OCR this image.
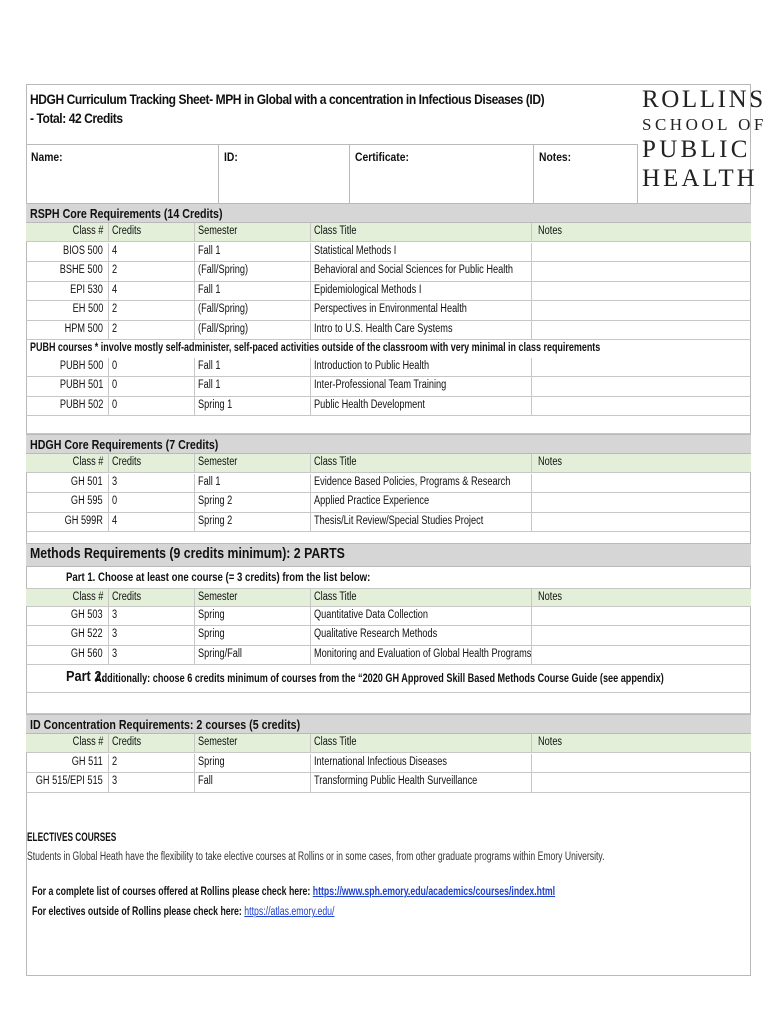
HDGH Curriculum Tracking Sheet- MPH in Global with a concentration in Infectious Diseases (ID)
- Total: 42 Credits
ROLLINS
SCHOOL OF
PUBLIC
HEALTH
Name:	ID:	Certificate:	Notes:
RSPH Core Requirements (14 Credits)
Class # Credits	Semester	Class Title	Notes
BIOS 500 4	Fall 1	Statistical Methods I
BSHE 500 2	(Fall/Spring)	Behavioral and Social Sciences for Public Health
EPI 530 4	Fall 1	Epidemiological Methods I
EH 500 2	(Fall/Spring)	Perspectives in Environmental Health
HPM 500 2	(Fall/Spring)	Intro to U.S. Health Care Systems
PUBH courses * involve mostly self-administer, self-paced activities outside of the classroom with very minimal in class requirements
PUBH 500 0	Fall 1	Introduction to Public Health
PUBH 501 0	Fall 1	Inter-Professional Team Training
PUBH 502 0	Spring 1	Public Health Development
HDGH Core Requirements (7 Credits)
Class # Credits	Semester	Class Title	Notes
GH 501 3	Fall 1	Evidence Based Policies, Programs & Research
GH 595 0	Spring 2	Applied Practice Experience
GH 599R 4	Spring 2	Thesis/Lit Review/Special Studies Project
Methods Requirements (9 credits minimum): 2 PARTS
Part 1. Choose at least one course (= 3 credits) from the list below:
Class # Credits	Semester	Class Title	Notes
GH 503 3	Spring	Quantitative Data Collection
GH 522 3	Spring	Qualitative Research Methods
GH 560 3	Spring/Fall	Monitoring and Evaluation of Global Health Programs
Part 2.
Additionally: choose 6 credits minimum of courses from the “2020 GH Approved Skill Based Methods Course Guide (see appendix)
ID Concentration Requirements: 2 courses (5 credits)
Class # Credits	Semester	Class Title	Notes
GH 511 2	Spring	International Infectious Diseases
GH 515/EPI 515 3	Fall	Transforming Public Health Surveillance
ELECTIVES COURSES
Students in Global Heath have the flexibility to take elective courses at Rollins or in some cases, from other graduate programs within Emory University.
For a complete list of courses offered at Rollins please check here: https://www.sph.emory.edu/academics/courses/index.html
For electives outside of Rollins please check here: https://atlas.emory.edu/
